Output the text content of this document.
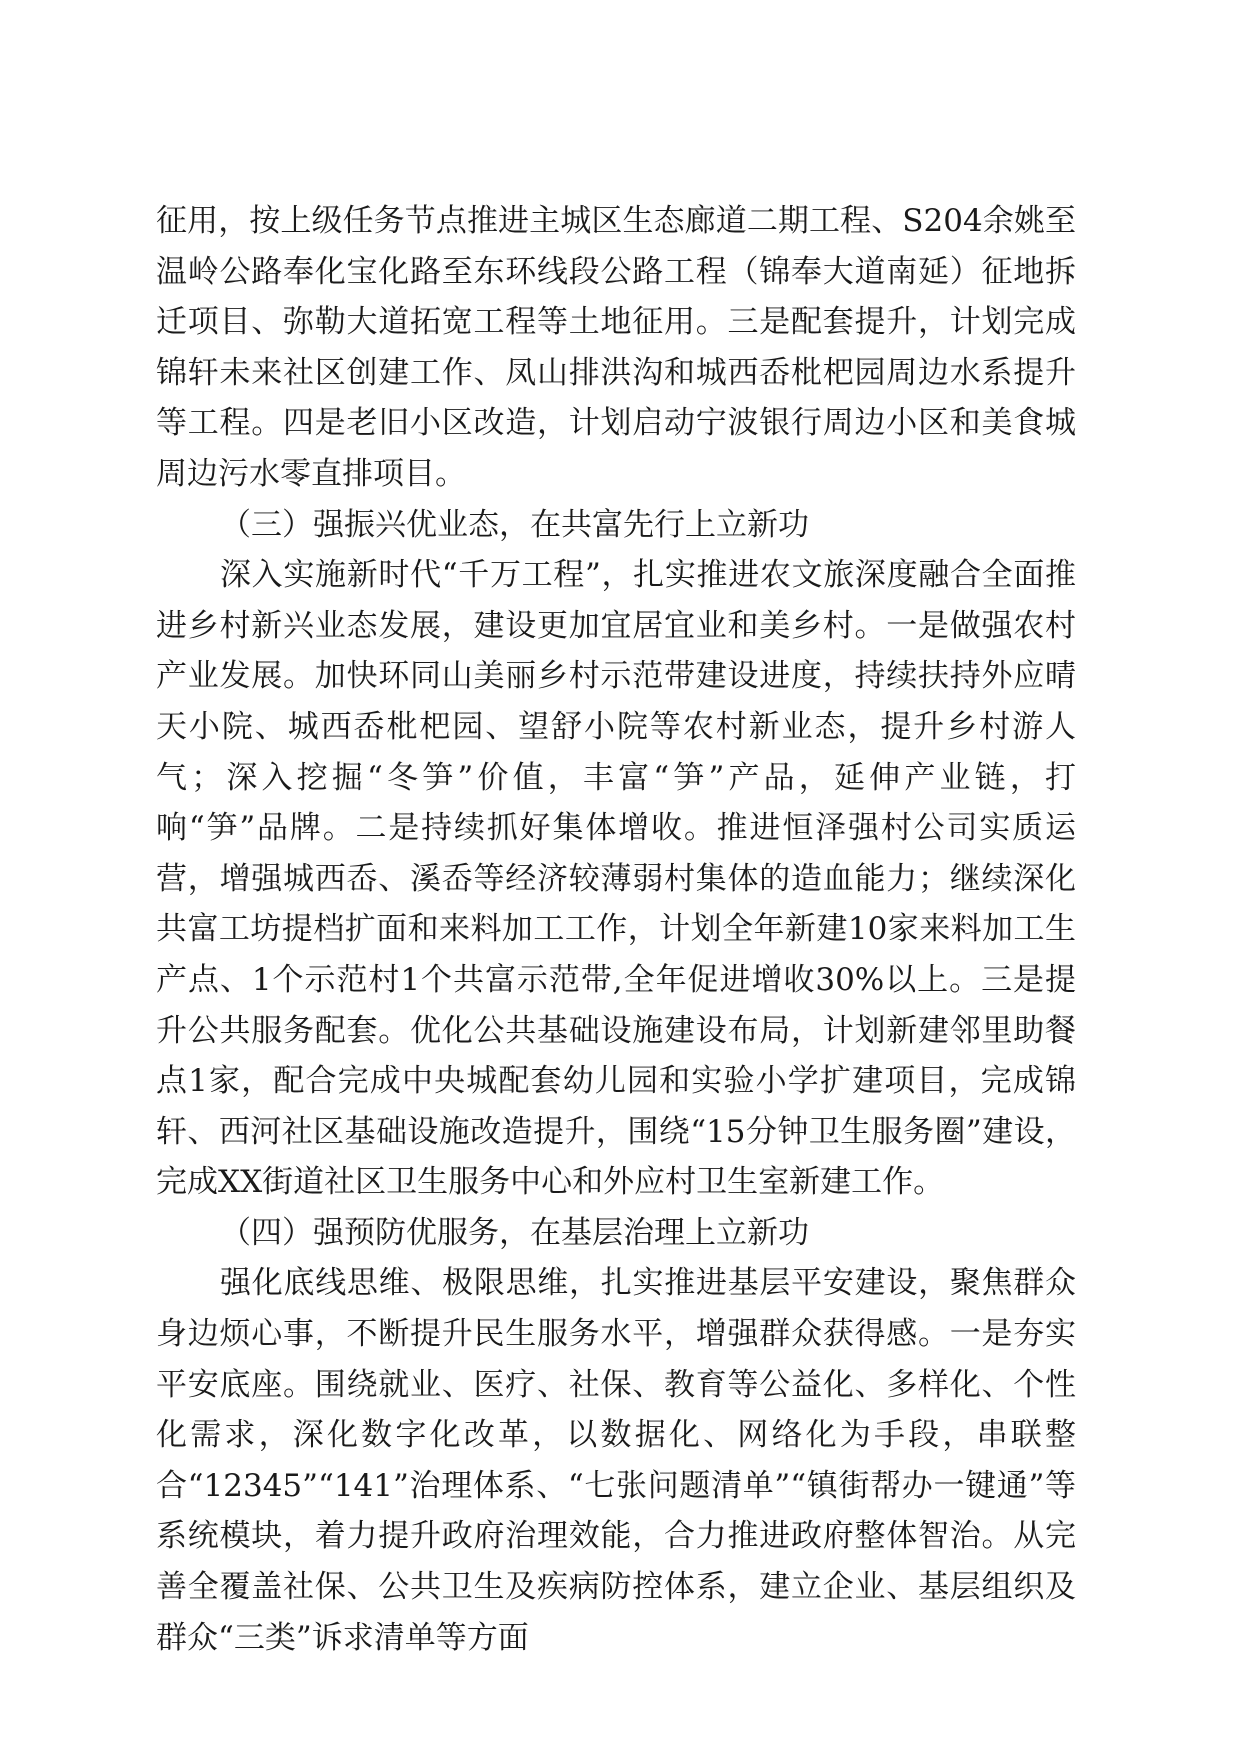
征用，按上级任务节点推进主城区生态廊道二期工程、S204余姚至温岭公路奉化宝化路至东环线段公路工程（锦奉大道南延）征地拆迁项目、弥勒大道拓宽工程等土地征用。三是配套提升，计划完成锦轩未来社区创建工作、凤山排洪沟和城西岙枇杷园周边水系提升等工程。四是老旧小区改造，计划启动宁波银行周边小区和美食城周边污水零直排项目。

（三）强振兴优业态，在共富先行上立新功

深入实施新时代“千万工程”，扎实推进农文旅深度融合全面推进乡村新兴业态发展，建设更加宜居宜业和美乡村。一是做强农村产业发展。加快环同山美丽乡村示范带建设进度，持续扶持外应晴天小院、城西岙枇杷园、望舒小院等农村新业态，提升乡村游人气；深入挖掘“冬笋”价值，丰富“笋”产品，延伸产业链，打响“笋”品牌。二是持续抓好集体增收。推进恒泽强村公司实质运营，增强城西岙、溪岙等经济较薄弱村集体的造血能力；继续深化共富工坊提档扩面和来料加工工作，计划全年新建10家来料加工生产点、1个示范村1个共富示范带,全年促进增收30%以上。三是提升公共服务配套。优化公共基础设施建设布局，计划新建邻里助餐点1家，配合完成中央城配套幼儿园和实验小学扩建项目，完成锦轩、西河社区基础设施改造提升，围绕“15分钟卫生服务圈”建设，完成XX街道社区卫生服务中心和外应村卫生室新建工作。

（四）强预防优服务，在基层治理上立新功

强化底线思维、极限思维，扎实推进基层平安建设，聚焦群众身边烦心事，不断提升民生服务水平，增强群众获得感。一是夯实平安底座。围绕就业、医疗、社保、教育等公益化、多样化、个性化需求，深化数字化改革，以数据化、网络化为手段，串联整合“12345”“141”治理体系、“七张问题清单”“镇街帮办一键通”等系统模块，着力提升政府治理效能，合力推进政府整体智治。从完善全覆盖社保、公共卫生及疾病防控体系，建立企业、基层组织及群众“三类”诉求清单等方面
